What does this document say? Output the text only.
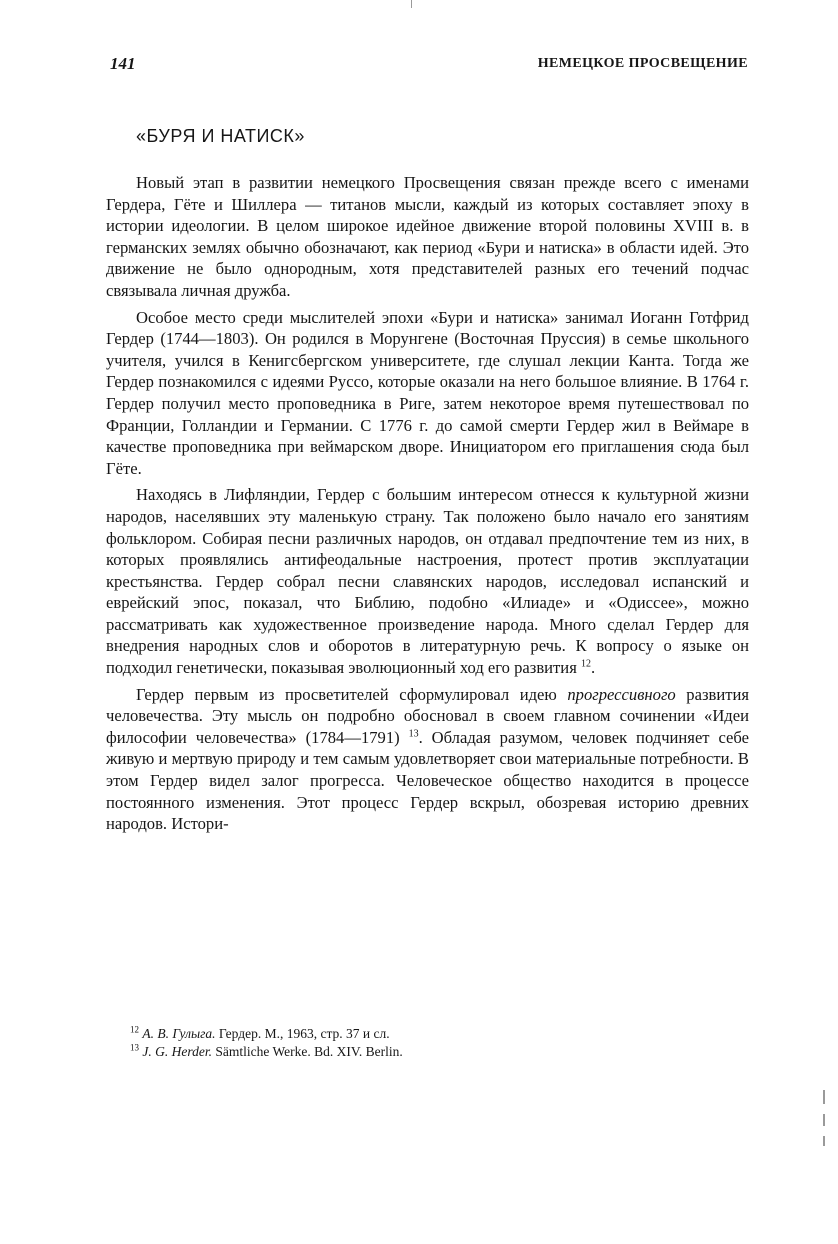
141	НЕМЕЦКОЕ ПРОСВЕЩЕНИЕ
«БУРЯ И НАТИСК»

Новый этап в развитии немецкого Просвещения связан прежде всего с именами Гердера, Гёте и Шиллера — титанов мысли, каждый из которых составляет эпоху в истории идеологии. В целом широкое идейное движение второй половины XVIII в. в германских землях обычно обозначают, как период «Бури и натиска» в области идей. Это движение не было однородным, хотя представителей разных его течений подчас связывала личная дружба.

Особое место среди мыслителей эпохи «Бури и натиска» занимал Иоганн Готфрид Гердер (1744—1803). Он родился в Морунгене (Восточная Пруссия) в семье школьного учителя, учился в Кенигсбергском университете, где слушал лекции Канта. Тогда же Гердер познакомился с идеями Руссо, которые оказали на него большое влияние. В 1764 г. Гердер получил место проповедника в Риге, затем некоторое время путешествовал по Франции, Голландии и Германии. С 1776 г. до самой смерти Гердер жил в Веймаре в качестве проповедника при веймарском дворе. Инициатором его приглашения сюда был Гёте.

Находясь в Лифляндии, Гердер с большим интересом отнесся к культурной жизни народов, населявших эту маленькую страну. Так положено было начало его занятиям фольклором. Собирая песни различных народов, он отдавал предпочтение тем из них, в которых проявлялись антифеодальные настроения, протест против эксплуатации крестьянства. Гердер собрал песни славянских народов, исследовал испанский и еврейский эпос, показал, что Библию, подобно «Илиаде» и «Одиссее», можно рассматривать как художественное произведение народа. Много сделал Гердер для внедрения народных слов и оборотов в литературную речь. К вопросу о языке он подходил генетически, показывая эволюционный ход его развития $^{12}$.

Гердер первым из просветителей сформулировал идею прогрессивного развития человечества. Эту мысль он подробно обосновал в своем главном сочинении «Идеи философии человечества» (1784—1791) $^{13}$. Обладая разумом, человек подчиняет себе живую и мертвую природу и тем самым удовлетворяет свои материальные потребности. В этом Гердер видел залог прогресса. Человеческое общество находится в процессе постоянного изменения. Этот процесс Гердер вскрыл, обозревая историю древних народов. Истори-

$^{12}$ А. В. Гулыга. Гердер. М., 1963, стр. 37 и сл.
$^{13}$ J. G. Herder. Sämtliche Werke. Bd. XIV. Berlin.
